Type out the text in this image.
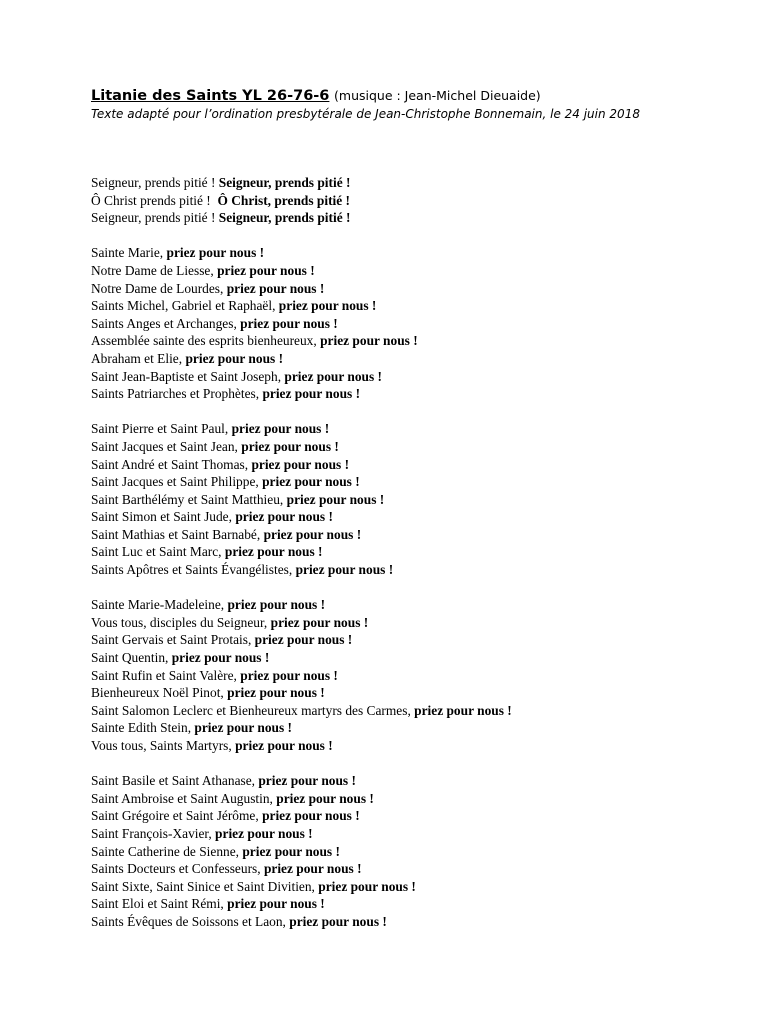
Litanie des Saints YL 26-76-6 (musique : Jean-Michel Dieuaide)
Texte adapté pour l’ordination presbytérale de Jean-Christophe Bonnemain, le 24 juin 2018
Seigneur, prends pitié ! Seigneur, prends pitié !
Ô Christ prends pitié !  Ô Christ, prends pitié !
Seigneur, prends pitié ! Seigneur, prends pitié !
Sainte Marie, priez pour nous !
Notre Dame de Liesse, priez pour nous !
Notre Dame de Lourdes, priez pour nous !
Saints Michel, Gabriel et Raphaël, priez pour nous !
Saints Anges et Archanges, priez pour nous !
Assemblée sainte des esprits bienheureux, priez pour nous !
Abraham et Elie, priez pour nous !
Saint Jean-Baptiste et Saint Joseph, priez pour nous !
Saints Patriarches et Prophètes, priez pour nous !
Saint Pierre et Saint Paul, priez pour nous !
Saint Jacques et Saint Jean, priez pour nous !
Saint André et Saint Thomas, priez pour nous !
Saint Jacques et Saint Philippe, priez pour nous !
Saint Barthélémy et Saint Matthieu, priez pour nous !
Saint Simon et Saint Jude, priez pour nous !
Saint Mathias et Saint Barnabé, priez pour nous !
Saint Luc et Saint Marc, priez pour nous !
Saints Apôtres et Saints Évangélistes, priez pour nous !
Sainte Marie-Madeleine, priez pour nous !
Vous tous, disciples du Seigneur, priez pour nous !
Saint Gervais et Saint Protais, priez pour nous !
Saint Quentin, priez pour nous !
Saint Rufin et Saint Valère, priez pour nous !
Bienheureux Noël Pinot, priez pour nous !
Saint Salomon Leclerc et Bienheureux martyrs des Carmes, priez pour nous !
Sainte Edith Stein, priez pour nous !
Vous tous, Saints Martyrs, priez pour nous !
Saint Basile et Saint Athanase, priez pour nous !
Saint Ambroise et Saint Augustin, priez pour nous !
Saint Grégoire et Saint Jérôme, priez pour nous !
Saint François-Xavier, priez pour nous !
Sainte Catherine de Sienne, priez pour nous !
Saints Docteurs et Confesseurs, priez pour nous !
Saint Sixte, Saint Sinice et Saint Divitien, priez pour nous !
Saint Eloi et Saint Rémi, priez pour nous !
Saints Évêques de Soissons et Laon, priez pour nous !
